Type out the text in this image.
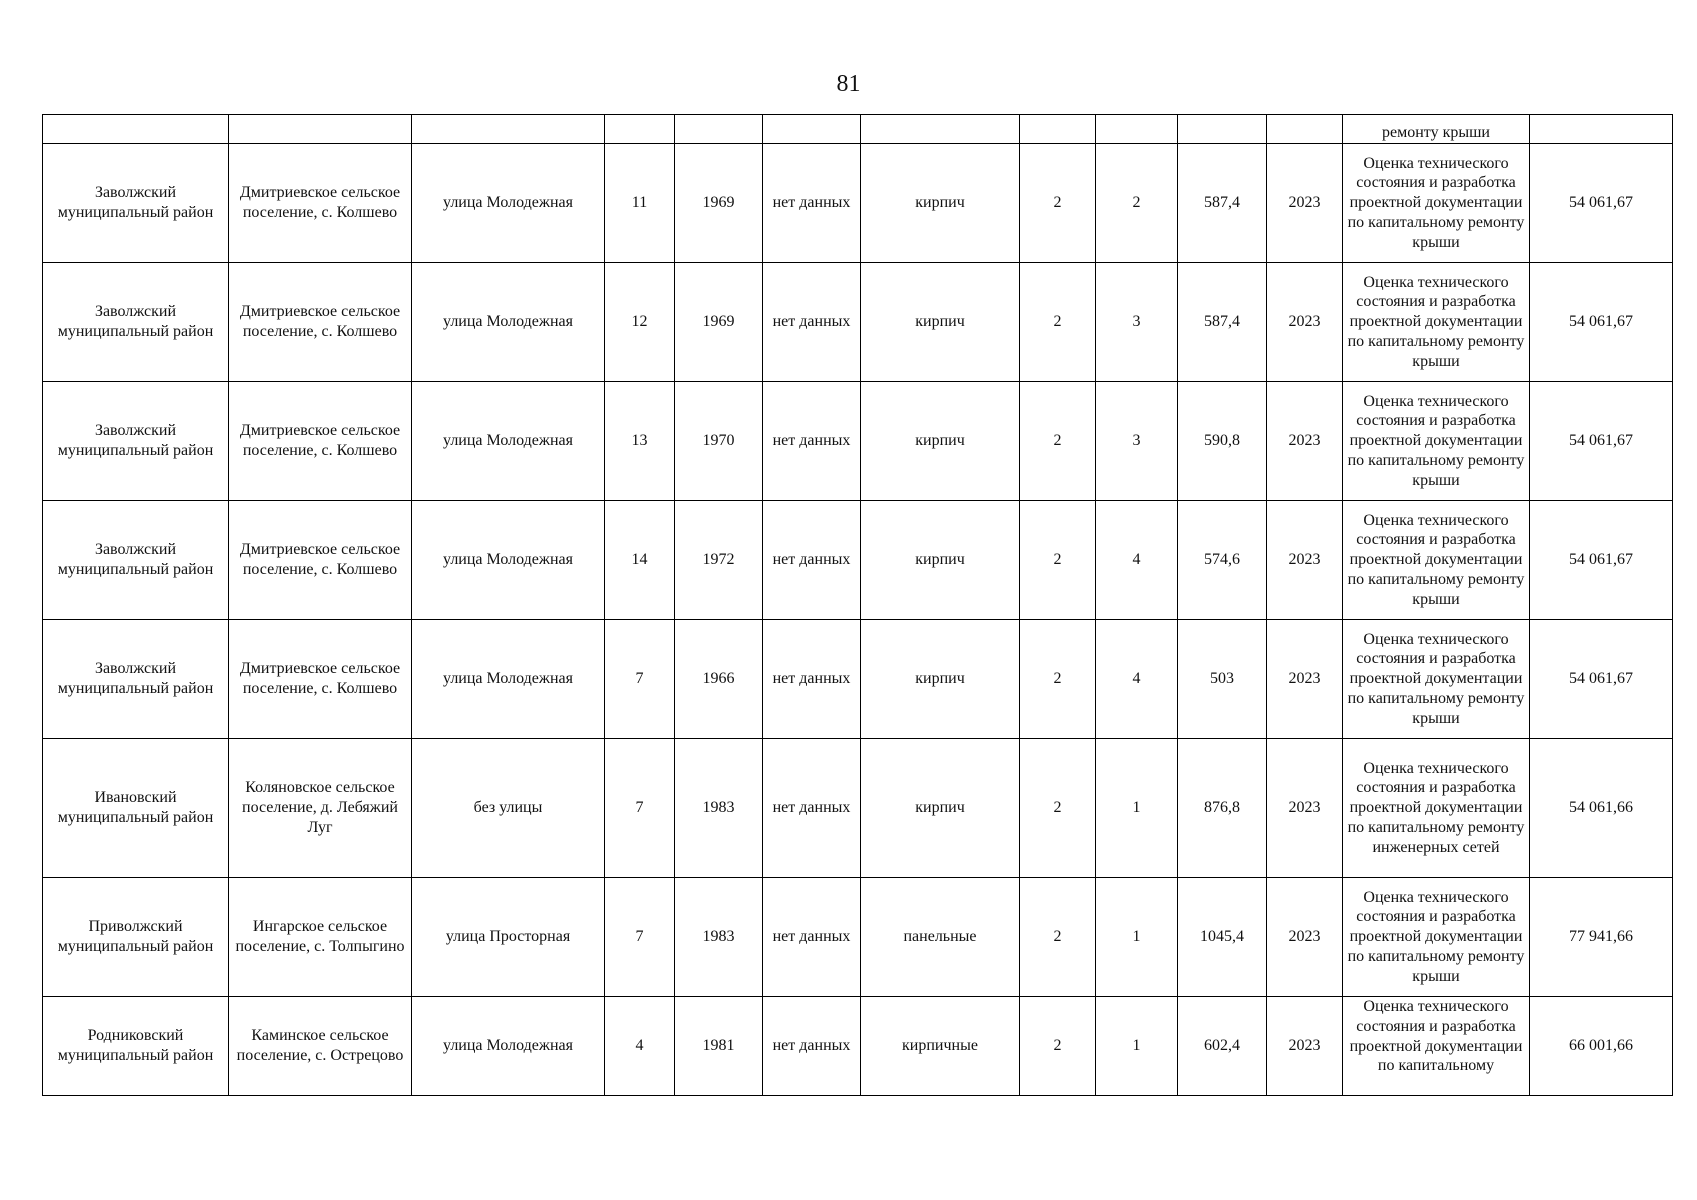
81
											ремонту крыши	
Заволжский муниципальный район	Дмитриевское сельское поселение, с. Колшево	улица Молодежная	11	1969	нет данных	кирпич	2	2	587,4	2023	Оценка технического состояния и разработка проектной документации по капитальному ремонту крыши	54 061,67
Заволжский муниципальный район	Дмитриевское сельское поселение, с. Колшево	улица Молодежная	12	1969	нет данных	кирпич	2	3	587,4	2023	Оценка технического состояния и разработка проектной документации по капитальному ремонту крыши	54 061,67
Заволжский муниципальный район	Дмитриевское сельское поселение, с. Колшево	улица Молодежная	13	1970	нет данных	кирпич	2	3	590,8	2023	Оценка технического состояния и разработка проектной документации по капитальному ремонту крыши	54 061,67
Заволжский муниципальный район	Дмитриевское сельское поселение, с. Колшево	улица Молодежная	14	1972	нет данных	кирпич	2	4	574,6	2023	Оценка технического состояния и разработка проектной документации по капитальному ремонту крыши	54 061,67
Заволжский муниципальный район	Дмитриевское сельское поселение, с. Колшево	улица Молодежная	7	1966	нет данных	кирпич	2	4	503	2023	Оценка технического состояния и разработка проектной документации по капитальному ремонту крыши	54 061,67
Ивановский муниципальный район	Коляновское сельское поселение, д. Лебяжий Луг	без улицы	7	1983	нет данных	кирпич	2	1	876,8	2023	Оценка технического состояния и разработка проектной документации по капитальному ремонту инженерных сетей	54 061,66
Приволжский муниципальный район	Ингарское сельское поселение, с. Толпыгино	улица Просторная	7	1983	нет данных	панельные	2	1	1045,4	2023	Оценка технического состояния и разработка проектной документации по капитальному ремонту крыши	77 941,66
Родниковский муниципальный район	Каминское сельское поселение, с. Острецово	улица Молодежная	4	1981	нет данных	кирпичные	2	1	602,4	2023	Оценка технического состояния и разработка проектной документации по капитальному	66 001,66
